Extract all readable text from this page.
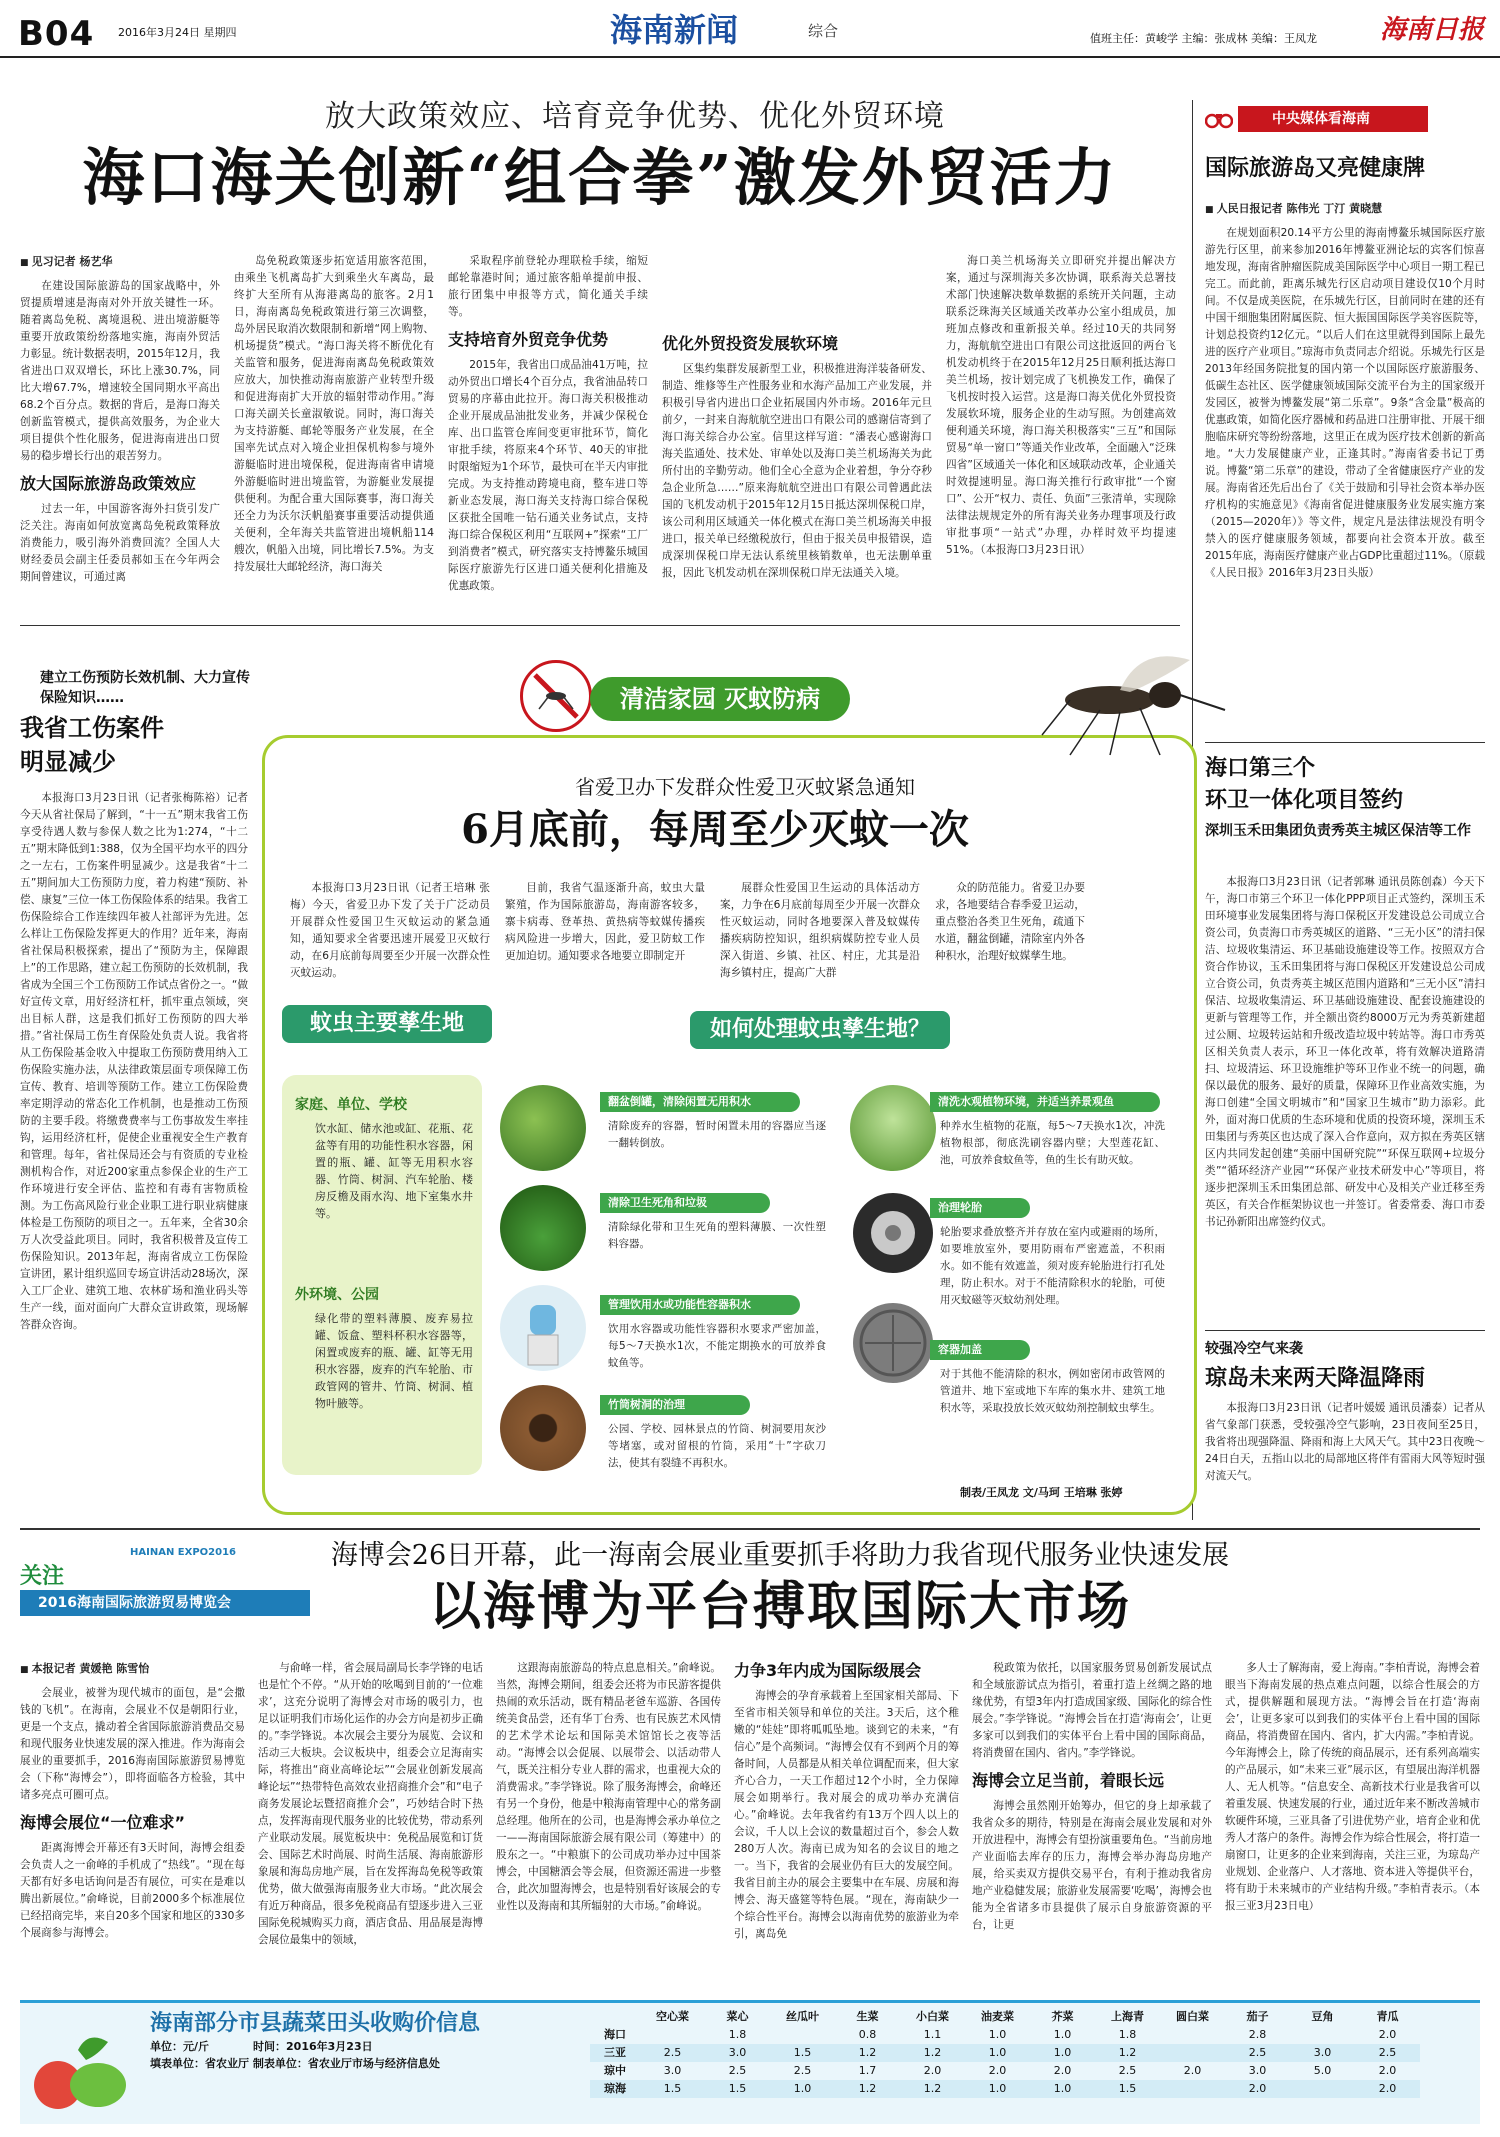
B04 2016年3月24日 星期四	海南新闻	综合	值班主任：黄峻学 主编：张成林 美编：王凤龙 海南日报
放大政策效应、培育竞争优势、优化外贸环境
海口海关创新“组合拳”激发外贸活力
■ 见习记者 杨艺华

在建设国际旅游岛的国家战略中，外贸提质增速是海南对外开放关键性一环。随着离岛免税、离境退税、进出境游艇等重要开放政策纷纷落地实施，海南外贸活力彰显。统计数据表明，2015年12月，我省进出口双双增长，环比上涨30.7%，同比大增67.7%，增速较全国同期水平高出68.2个百分点。数据的背后，是海口海关创新监管模式，提供高效服务，为企业大项目提供个性化服务，促进海南进出口贸易的稳步增长行出的艰苦努力。

放大国际旅游岛政策效应

过去一年，中国游客海外扫货引发广泛关注。海南如何放宽离岛免税政策释放消费能力，吸引海外消费回流？全国人大财经委员会副主任委员郝如玉在今年两会期间曾建议，可通过离

岛免税政策逐步拓宽适用旅客范围，由乘坐飞机离岛扩大到乘坐火车离岛，最终扩大至所有从海港离岛的旅客。2月1日，海南离岛免税政策进行第三次调整，岛外居民取消次数限制和新增“网上购物、机场提货”模式。“海口海关将不断优化有关监管和服务，促进海南离岛免税政策效应放大，加快推动海南旅游产业转型升级和促进海南扩大开放的辐射带动作用。”海口海关副关长童淑敏说。同时，海口海关为支持游艇、邮轮等服务产业发展，在全国率先试点对入境企业担保机构参与境外游艇临时进出境保税，促进海南省申请境外游艇临时进出境监管，为游艇业发展提供便利。为配合重大国际赛事，海口海关还全力为沃尔沃帆船赛事重要活动提供通关便利，全年海关共监管进出境帆船114艘次，帆船入出境，同比增长7.5%。为支持发展壮大邮轮经济，海口海关

采取程序前登轮办理联检手续，缩短邮轮靠港时间；通过旅客船单提前申报、旅行团集中申报等方式，简化通关手续等。

支持培育外贸竞争优势

2015年，我省出口成品油41万吨，拉动外贸出口增长4个百分点，我省油品转口贸易的序幕由此拉开。海口海关积极推动企业开展成品油批发业务，并减少保税仓库、出口监管仓库间变更审批环节，简化审批手续，将原来4个环节、40天的审批时限缩短为1个环节，最快可在半天内审批完成。为支持推动跨境电商，整车进口等新业态发展，海口海关支持海口综合保税区获批全国唯一钻石通关业务试点，支持海口综合保税区利用“互联网+”探索“工厂到消费者”模式，研究落实支持博鳌乐城国际医疗旅游先行区进口通关便利化措施及优惠政策。

优化外贸投资发展软环境

区集约集群发展新型工业，积极推进海洋装备研发、制造、维修等生产性服务业和水海产品加工产业发展，并积极引导省内进出口企业拓展国内外市场。2016年元旦前夕，一封来自海航航空进出口有限公司的感谢信寄到了海口海关综合办公室。信里这样写道：“潘表心感谢海口海关监通处、技术处、审单处以及海口美兰机场海关为此所付出的辛勤劳动。他们全心全意为企业着想，争分夺秒急企业所急……”原来海航航空进出口有限公司曾遇此法国的飞机发动机于2015年12月15日抵达深圳保税口岸，该公司利用区域通关一体化模式在海口美兰机场海关申报进口，报关单已经缴税放行，但由于报关员申报错误，造成深圳保税口岸无法认系统里核销数单，也无法删单重报，因此飞机发动机在深圳保税口岸无法通关入境。

海口美兰机场海关立即研究并提出解决方案，通过与深圳海关多次协调，联系海关总署技术部门快速解决数单数据的系统开关问题，主动联系泛珠海关区域通关改革办公室小组成员，加班加点修改和重新报关单。经过10天的共同努力，海航航空进出口有限公司这批返回的两台飞机发动机终于在2015年12月25日顺利抵达海口美兰机场，按计划完成了飞机换发工作，确保了飞机按时投入运营。这是海口海关优化外贸投资发展软环境，服务企业的生动写照。为创建高效便利通关环境，海口海关积极落实“三互”和国际贸易“单一窗口”等通关作业改革，全面融入“泛珠四省”区域通关一体化和区域联动改革，企业通关时效提速明显。海口海关推行行政审批“一个窗口”、公开“权力、责任、负面”三张清单，实现除法律法规规定外的所有海关业务办理事项及行政审批事项“一站式”办理，办样时效平均提速51%。（本报海口3月23日讯）

中央媒体看海南
国际旅游岛又亮健康牌
■ 人民日报记者 陈伟光 丁汀 黄晓慧

在规划面积20.14平方公里的海南博鳌乐城国际医疗旅游先行区里，前来参加2016年博鳌亚洲论坛的宾客们惊喜地发现，海南省肿瘤医院成美国际医学中心项目一期工程已完工。而此前，距离乐城先行区启动项目建设仅10个月时间。不仅是成美医院，在乐城先行区，目前同时在建的还有中国干细胞集团附属医院、恒大振国国际医学美容医院等，计划总投资约12亿元。“以后人们在这里就得到国际上最先进的医疗产业项目。”琼海市负责同志介绍说。乐城先行区是2013年经国务院批复的国内第一个以国际医疗旅游服务、低碳生态社区、医学健康领域国际交流平台为主的国家级开发园区，被誉为博鳌发展“第二乐章”。9条“含金量”极高的优惠政策，如简化医疗器械和药品进口注册审批、开展干细胞临床研究等纷纷落地，这里正在成为医疗技术创新的新高地。“大力发展健康产业，正逢其时。”海南省委书记丁勇说。博鳌“第二乐章”的建设，带动了全省健康医疗产业的发展。海南省还先后出台了《关于鼓励和引导社会资本举办医疗机构的实施意见》《海南省促进健康服务业发展实施方案（2015—2020年）》等文件，规定凡是法律法规没有明令禁入的医疗健康服务领域，都要向社会资本开放。截至2015年底，海南医疗健康产业占GDP比重超过11%。（原载《人民日报》2016年3月23日头版）

海口第三个
环卫一体化项目签约
深圳玉禾田集团负责秀英主城区保洁等工作

本报海口3月23日讯（记者郭琳 通讯员陈创森）今天下午，海口市第三个环卫一体化PPP项目正式签约，深圳玉禾田环境事业发展集团将与海口保税区开发建设总公司成立合资公司，负责海口市秀英城区的道路、“三无小区”的清扫保洁、垃圾收集清运、环卫基础设施建设等工作。按照双方合资合作协议，玉禾田集团将与海口保税区开发建设总公司成立合资公司，负责秀英主城区范围内道路和“三无小区”清扫保洁、垃圾收集清运、环卫基础设施建设、配套设施建设的更新与管理等工作，并全额出资约8000万元为秀英新建超过公厕、垃圾转运站和升级改造垃圾中转站等。海口市秀英区相关负责人表示，环卫一体化改革，将有效解决道路清扫、垃圾清运、环卫设施维护等环卫作业不统一的问题，确保以最优的服务、最好的质量，保障环卫作业高效实施，为海口创建“全国文明城市”和“国家卫生城市”助力添彩。此外，面对海口优质的生态环境和优质的投资环境，深圳玉禾田集团与秀英区也达成了深入合作意向，双方拟在秀英区辖区内共同发起创建“美丽中国研究院”“环保互联网+垃圾分类”“循环经济产业园”“环保产业技术研发中心”等项目，将逐步把深圳玉禾田集团总部、研发中心及相关产业迁移至秀英区，有关合作框架协议也一并签订。省委常委、海口市委书记孙新阳出席签约仪式。

较强冷空气来袭
琼岛未来两天降温降雨

本报海口3月23日讯（记者叶媛媛 通讯员潘泰）记者从省气象部门获悉，受较强冷空气影响，23日夜间至25日，我省将出现强降温、降雨和海上大风天气。其中23日夜晚～24日白天，五指山以北的局部地区将伴有雷雨大风等短时强对流天气。

建立工伤预防长效机制、大力宣传保险知识……
我省工伤案件
明显减少

本报海口3月23日讯（记者张梅陈裕）记者今天从省社保局了解到，“十一五”期末我省工伤享受待遇人数与参保人数之比为1:274，“十二五”期末降低到1:388，仅为全国平均水平的四分之一左右，工伤案件明显减少。这是我省“十二五”期间加大工伤预防力度，着力构建“预防、补偿、康复”三位一体工伤保险体系的结果。我省工伤保险综合工作连续四年被人社部评为先进。怎么样让工伤保险发挥更大的作用？近年来，海南省社保局积极探索，提出了“预防为主，保障跟上”的工作思路，建立起工伤预防的长效机制，我省成为全国三个工伤预防工作试点省份之一。“做好宣传文章，用好经济杠杆，抓牢重点领域，突出目标人群，这是我们抓好工伤预防的四大举措。”省社保局工伤生育保险处负责人说。我省将从工伤保险基金收入中提取工伤预防费用纳入工伤保险实施办法，从法律政策层面专项保障工伤宣传、教育、培训等预防工作。建立工伤保险费率定期浮动的常态化工作机制，也是推动工伤预防的主要手段。将缴费费率与工伤事故发生率挂钩，运用经济杠杆，促使企业重视安全生产教育和管理。每年，省社保局还会与有资质的专业检测机构合作，对近200家重点参保企业的生产工作环境进行安全评估、监控和有毒有害物质检测。为工伤高风险行业企业职工进行职业病健康体检是工伤预防的项目之一。五年来，全省30余万人次受益此项目。同时，我省积极普及宣传工伤保险知识。2013年起，海南省成立工伤保险宣讲团，累计组织巡回专场宣讲活动28场次，深入工厂企业、建筑工地、农林矿场和渔业码头等生产一线，面对面向广大群众宣讲政策，现场解答群众咨询。

清洁家园 灭蚊防病
省爱卫办下发群众性爱卫灭蚊紧急通知
6月底前，每周至少灭蚊一次

本报海口3月23日讯（记者王培琳 张梅）今天，省爱卫办下发了关于广泛动员开展群众性爱国卫生灭蚊运动的紧急通知，通知要求全省要迅速开展爱卫灭蚊行动，在6月底前每周要至少开展一次群众性灭蚊运动。

目前，我省气温逐渐升高，蚊虫大量繁殖，作为国际旅游岛，海南游客较多，寨卡病毒、登革热、黄热病等蚊媒传播疾病风险进一步增大，因此，爱卫防蚊工作更加迫切。通知要求各地要立即制定开

展群众性爱国卫生运动的具体活动方案，力争在6月底前每周至少开展一次群众性灭蚊运动，同时各地要深入普及蚊媒传播疾病防控知识，组织病媒防控专业人员深入街道、乡镇、社区、村庄，尤其是沿海乡镇村庄，提高广大群

众的防范能力。省爱卫办要求，各地要结合春季爱卫运动，重点整治各类卫生死角，疏通下水道，翻盆倒罐，清除室内外各种积水，治理好蚊媒孳生地。

蚊虫主要孳生地	如何处理蚊虫孳生地？
家庭、单位、学校
饮水缸、储水池或缸、花瓶、花盆等有用的功能性积水容器，闲置的瓶、罐、缸等无用积水容器、竹筒、树洞、汽车轮胎、楼房反檐及雨水沟、地下室集水井等。
外环境、公园
绿化带的塑料薄膜、废弃易拉罐、饭盒、塑料杯积水容器等，闲置或废弃的瓶、罐、缸等无用积水容器，废弃的汽车轮胎、市政管网的管井、竹筒、树洞、植物叶腋等。
翻盆倒罐，清除闲置无用积水
清除废弃的容器，暂时闲置未用的容器应当逐一翻转倒放。
清除卫生死角和垃圾
清除绿化带和卫生死角的塑料薄膜、一次性塑料容器。
管理饮用水或功能性容器积水
饮用水容器或功能性容器积水要求严密加盖，每5～7天换水1次，不能定期换水的可放养食蚊鱼等。
竹筒树洞的治理
公园、学校、园林景点的竹筒、树洞要用灰沙等堵塞，或对留根的竹筒，采用“十”字砍刀法，使其有裂缝不再积水。
清洗水观植物环境，并适当养景观鱼
种养水生植物的花瓶，每5～7天换水1次，冲洗植物根部，彻底洗刷容器内壁；大型莲花缸、池，可放养食蚊鱼等，鱼的生长有助灭蚊。
治理轮胎
轮胎要求叠放整齐并存放在室内或避雨的场所，如要堆放室外，要用防雨布严密遮盖，不积雨水。如不能有效遮盖，须对废弃轮胎进行打孔处理，防止积水。对于不能清除积水的轮胎，可使用灭蚊磁等灭蚊幼剂处理。
容器加盖
对于其他不能清除的积水，例如密闭市政管网的管道井、地下室或地下车库的集水井、建筑工地积水等，采取投放长效灭蚊幼剂控制蚊虫孳生。
制表/王凤龙 文/马珂 王培琳 张婷
关注
HAINAN EXPO2016
2016海南国际旅游贸易博览会
海博会26日开幕，此一海南会展业重要抓手将助力我省现代服务业快速发展
以海博为平台搏取国际大市场
■ 本报记者 黄媛艳 陈雪怡

会展业，被誉为现代城市的面包，是“会撒钱的飞机”。在海南，会展业不仅是朝阳行业，更是一个支点，撬动着全省国际旅游消费品交易和现代服务业快速发展的深入推进。作为海南会展业的重要抓手，2016海南国际旅游贸易博览会（下称“海博会”），即将面临各方检验，其中诸多亮点可圈可点。

海博会展位“一位难求”

距离海博会开幕还有3天时间，海博会组委会负责人之一俞峰的手机成了“热线”。“现在每天都有好多电话询问是否有展位，可实在是难以腾出新展位。”俞峰说，目前2000多个标准展位已经招商完毕，来自20多个国家和地区的330多个展商参与海博会。

与俞峰一样，省会展局副局长李学锋的电话也是忙个不停。“从开始的吆喝到目前的‘一位难求’，这充分说明了海博会对市场的吸引力，也足以证明我们市场化运作的办会方向是初步正确的。”李学锋说。本次展会主要分为展览、会议和活动三大板块。会议板块中，组委会立足海南实际，将推出“商业高峰论坛”“会展业创新发展高峰论坛”“热带特色高效农业招商推介会”和“电子商务发展论坛暨招商推介会”，巧妙结合时下热点，发挥海南现代服务业的比较优势，带动系列产业联动发展。展览板块中：免税品展览和订货会、国际艺术时尚展、时尚生活展、海南旅游形象展和海岛房地产展，旨在发挥海岛免税等政策优势，做大做强海南服务业大市场。“此次展会有近万种商品，很多免税商品有望逐步进入三亚国际免税城购买力商，酒店食品、用品展是海博会展位最集中的领域，

这跟海南旅游岛的特点息息相关。”俞峰说。当然，海博会期间，组委会还将为市民游客提供热闹的欢乐活动，既有精品老爸车巡游、各国传统美食品尝，还有华丁台秀、也有民族艺术风情的艺术学术论坛和国际美术馆馆长之夜等活动。“海博会以会促展、以展带会、以活动带人气，既关注相分专业人群的需求，也重视大众的消费需求。”李学锋说。除了服务海博会，俞峰还有另一个身份，他是中粮海南管理中心的常务副总经理。他所在的公司，也是海博会承办单位之一——海南国际旅游会展有限公司（筹建中）的股东之一。“中粮旗下的公司成功举办过中国茶博会，中国糖酒会等会展，但资源还需进一步整合，此次加盟海博会，也是特别看好该展会的专业性以及海南和其所辐射的大市场。”俞峰说。

力争3年内成为国际级展会

海博会的孕育承载着上至国家相关部局、下至省市相关领导和单位的关注。3天后，这个稚嫩的“娃娃”即将呱呱坠地。谈到它的未来，“有信心”是个高频词。“海博会仅有不到两个月的筹备时间，人员都是从相关单位调配而来，但大家齐心合力，一天工作超过12个小时，全力保障展会如期举行。我对展会的成功举办充满信心。”俞峰说。去年我省约有13万个四人以上的会议，千人以上会议的数量超过百个，参会人数280万人次。海南已成为知名的会议目的地之一。当下，我省的会展业仍有巨大的发展空间。我省目前主办的展会主要集中在车展、房展和海博会、海天盛筵等特色展。“现在，海南缺少一个综合性平台。海博会以海南优势的旅游业为牵引，离岛免

税政策为依托，以国家服务贸易创新发展试点和全域旅游试点为指引，着重打造上丝绸之路的地缘优势，有望3年内打造成国家级、国际化的综合性展会。”李学锋说。“海博会旨在打造‘海南会’，让更多家可以到我们的实体平台上看中国的国际商品，将消费留在国内、省内。”李学锋说。

海博会立足当前，着眼长远

海博会虽然刚开始筹办，但它的身上却承载了我省众多的期待，特别是在海南会展业发展和对外开放进程中，海博会有望扮演重要角色。“当前房地产业面临去库存的压力，海博会举办海岛房地产展，给买卖双方提供交易平台，有利于推动我省房地产业稳健发展；旅游业发展需要‘吃喝’，海博会也能为全省诸多市县提供了展示自身旅游资源的平台，让更

多人士了解海南，爱上海南。”李柏青说，海博会着眼当下海南发展的热点难点问题，以综合性展会的方式，提供解题和展现方法。“海博会旨在打造‘海南会’，让更多家可以到我们的实体平台上看中国的国际商品，将消费留在国内、省内，扩大内需。”李柏青说。今年海博会上，除了传统的商品展示，还有系列高端实的产品展示，如“未来三亚”展示区，有望展出海洋机器人、无人机等。“信息安全、高新技术行业是我省可以着重发展、快速发展的行业，通过近年来不断改善城市软硬件环境，三亚具备了引进优势产业，培育企业和优秀人才落户的条件。海博会作为综合性展会，将打造一扇窗口，让更多的企业来到海南，关注三亚，为琼岛产业规划、企业落户、人才落地、资本进入等提供平台，将有助于未来城市的产业结构升级。”李柏青表示。（本报三亚3月23日电）

海南部分市县蔬菜田头收购价信息
单位：元/斤　　　　	时间：2016年3月23日
填表单位：省农业厅 制表单位：省农业厅市场与经济信息处
	空心菜	菜心	丝瓜叶	生菜	小白菜	油麦菜	芥菜	上海青	圆白菜	茄子	豆角	青瓜
海口		1.8		0.8	1.1	1.0	1.0	1.8		2.8		2.0
三亚	2.5	3.0	1.5	1.2	1.2	1.0	1.0	1.2		2.5	3.0	2.5
琼中	3.0	2.5	2.5	1.7	2.0	2.0	2.0	2.5	2.0	3.0	5.0	2.0
琼海	1.5	1.5	1.0	1.2	1.2	1.0	1.0	1.5		2.0		2.0
